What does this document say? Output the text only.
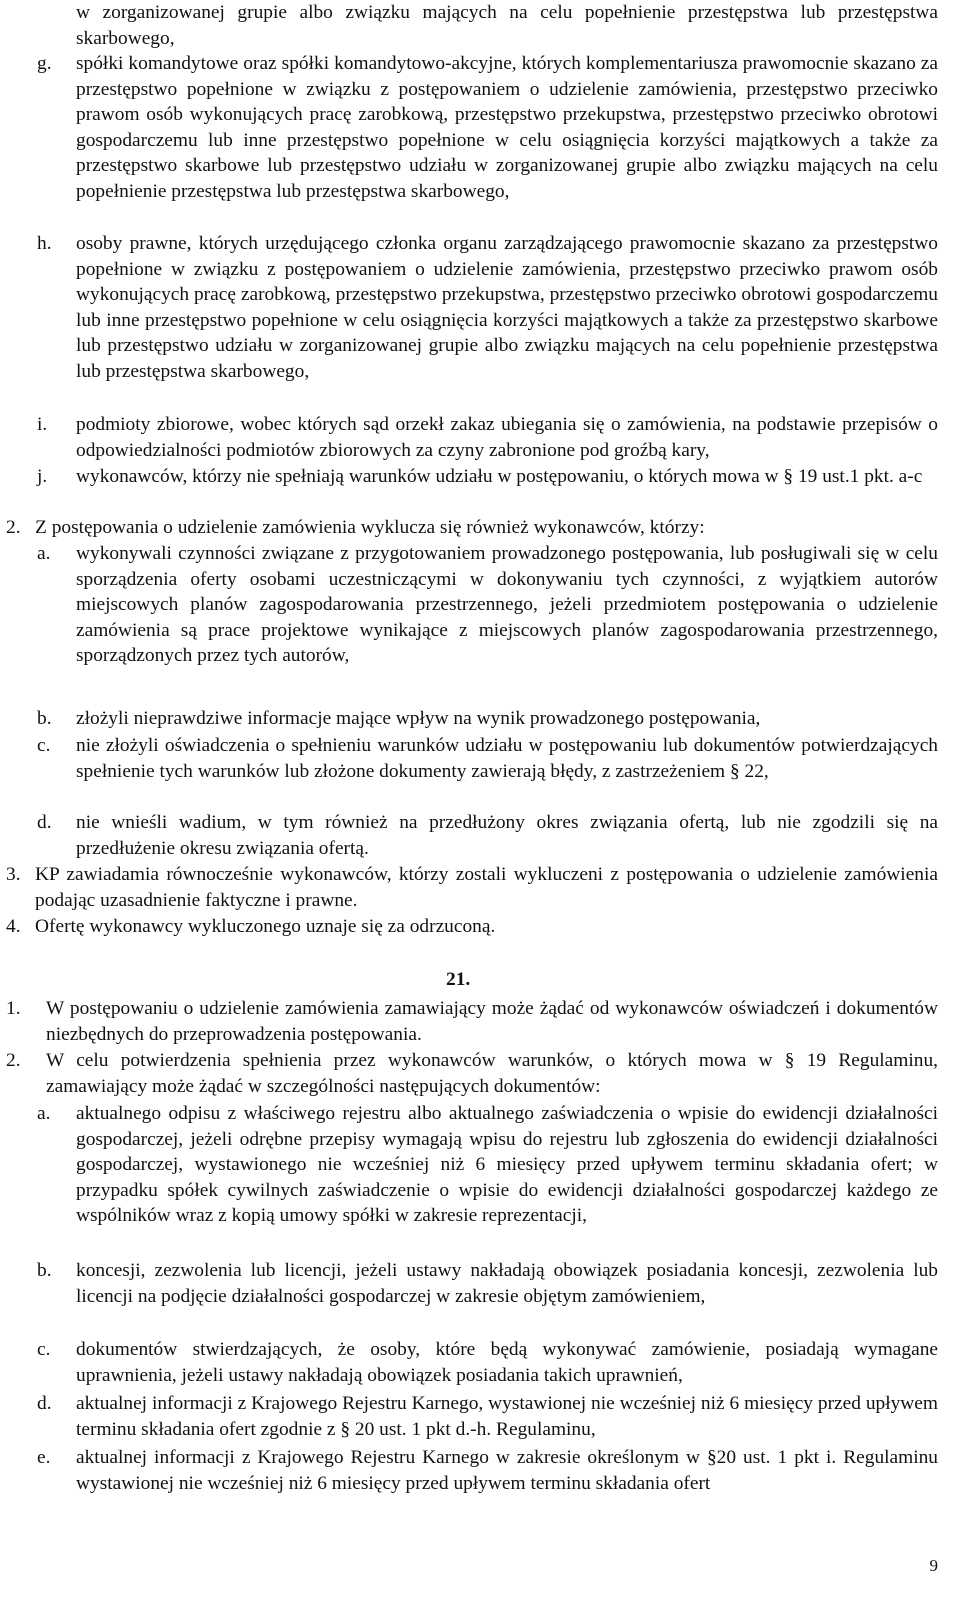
w zorganizowanej grupie albo związku mających na celu popełnienie przestępstwa lub przestępstwa skarbowego,
g. spółki komandytowe oraz spółki komandytowo-akcyjne, których komplementariusza prawomocnie skazano za przestępstwo popełnione w związku z postępowaniem o udzielenie zamówienia, przestępstwo przeciwko prawom osób wykonujących pracę zarobkową, przestępstwo przekupstwa, przestępstwo przeciwko obrotowi gospodarczemu lub inne przestępstwo popełnione w celu osiągnięcia korzyści majątkowych a także za przestępstwo skarbowe lub przestępstwo udziału w zorganizowanej grupie albo związku mających na celu popełnienie przestępstwa lub przestępstwa skarbowego,
h. osoby prawne, których urzędującego członka organu zarządzającego prawomocnie skazano za przestępstwo popełnione w związku z postępowaniem o udzielenie zamówienia, przestępstwo przeciwko prawom osób wykonujących pracę zarobkową, przestępstwo przekupstwa, przestępstwo przeciwko obrotowi gospodarczemu lub inne przestępstwo popełnione w celu osiągnięcia korzyści majątkowych a także za przestępstwo skarbowe lub przestępstwo udziału w zorganizowanej grupie albo związku mających na celu popełnienie przestępstwa lub przestępstwa skarbowego,
i. podmioty zbiorowe, wobec których sąd orzekł zakaz ubiegania się o zamówienia, na podstawie przepisów o odpowiedzialności podmiotów zbiorowych za czyny zabronione pod groźbą kary,
j. wykonawców, którzy nie spełniają warunków udziału w postępowaniu, o których mowa w § 19 ust.1 pkt. a-c
2. Z postępowania o udzielenie zamówienia wyklucza się również wykonawców, którzy:
a. wykonywali czynności związane z przygotowaniem prowadzonego postępowania, lub posługiwali się w celu sporządzenia oferty osobami uczestniczącymi w dokonywaniu tych czynności, z wyjątkiem autorów miejscowych planów zagospodarowania przestrzennego, jeżeli przedmiotem postępowania o udzielenie zamówienia są prace projektowe wynikające z miejscowych planów zagospodarowania przestrzennego, sporządzonych przez tych autorów,
b. złożyli nieprawdziwe informacje mające wpływ na wynik prowadzonego postępowania,
c. nie złożyli oświadczenia o spełnieniu warunków udziału w postępowaniu lub dokumentów potwierdzających spełnienie tych warunków lub złożone dokumenty zawierają błędy, z zastrzeżeniem § 22,
d. nie wnieśli wadium, w tym również na przedłużony okres związania ofertą, lub nie zgodzili się na przedłużenie okresu związania ofertą.
3. KP zawiadamia równocześnie wykonawców, którzy zostali wykluczeni z postępowania o udzielenie zamówienia podając uzasadnienie faktyczne i prawne.
4. Ofertę wykonawcy wykluczonego uznaje się za odrzuconą.
21.
1. W postępowaniu o udzielenie zamówienia zamawiający może żądać od wykonawców oświadczeń i dokumentów niezbędnych do przeprowadzenia postępowania.
2. W celu potwierdzenia spełnienia przez wykonawców warunków, o których mowa w § 19 Regulaminu, zamawiający może żądać w szczególności następujących dokumentów:
a. aktualnego odpisu z właściwego rejestru albo aktualnego zaświadczenia o wpisie do ewidencji działalności gospodarczej, jeżeli odrębne przepisy wymagają wpisu do rejestru lub zgłoszenia do ewidencji działalności gospodarczej, wystawionego nie wcześniej niż 6 miesięcy przed upływem terminu składania ofert; w przypadku spółek cywilnych zaświadczenie o wpisie do ewidencji działalności gospodarczej każdego ze wspólników wraz z kopią umowy spółki w zakresie reprezentacji,
b. koncesji, zezwolenia lub licencji, jeżeli ustawy nakładają obowiązek posiadania koncesji, zezwolenia lub licencji na podjęcie działalności gospodarczej w zakresie objętym zamówieniem,
c. dokumentów stwierdzających, że osoby, które będą wykonywać zamówienie, posiadają wymagane uprawnienia, jeżeli ustawy nakładają obowiązek posiadania takich uprawnień,
d. aktualnej informacji z Krajowego Rejestru Karnego, wystawionej nie wcześniej niż 6 miesięcy przed upływem terminu składania ofert zgodnie z § 20 ust. 1 pkt d.-h. Regulaminu,
e. aktualnej informacji z Krajowego Rejestru Karnego w zakresie określonym w §20 ust. 1 pkt i. Regulaminu wystawionej nie wcześniej niż 6 miesięcy przed upływem terminu składania ofert
9
